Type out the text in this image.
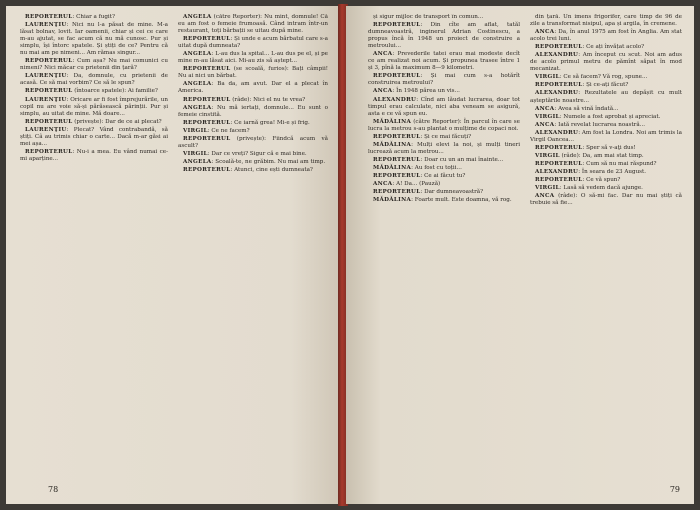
REPORTERUL: Chiar a fugit?

LAURENŢIU: Nici nu l-a păsat de mine. M-a lăsat bolnav, lovit. Iar oamenii, chiar și cei ce care m-au ajutat, se fac acum că nu mă cunosc. Pur și simplu, își întorc spatele. Și știți de ce? Pentru că nu mai am pe nimeni... Am rămas singur...

REPORTERUL: Cum așa? Nu mai comunici cu nimeni? Nici măcar cu prietenii din țară?

LAURENŢIU: Da, domnule, cu prietenii de acasă. Ce să mai vorbim? Ce să le spun?

REPORTERUL (întoarce spatele): Ai familie?

LAURENŢIU: Oricare ar fi fost împrejurările, un copil nu are voie să-și părăsească părinții. Pur și simplu, au uitat de mine. Mă doare...

REPORTERUL (privește): Dar de ce ai plecat?

LAURENŢIU: Plecat? Vând contrabandă, să știți. Câ au trimis chiar o carte... Dacă m-ar găsi ai mei așa...

REPORTERUL: Nu-i a mea. Eu vând numai ce-mi aparține...

ANGELA (către Reporter): Nu mint, domnule! Că eu am fost o femeie frumoasă. Când intram într-un restaurant, toți bărbații se uitau după mine.

REPORTERUL: Și unde e acum bărbatul care s-a uitat după dumneata?

ANGELA: L-au dus la spital... L-au dus pe el, și pe mine m-au lăsat aici. Mi-au zis să aștept...

REPORTERUL (se scoală, furios): Bați câmpii! Nu ai nici un bărbat.

ANGELA: Ba da, am avut. Dar el a plecat în America.

REPORTERUL (râde): Nici el nu te vrea?

ANGELA: Nu mă iertați, domnule... Eu sunt o femeie cinstită.

REPORTERUL: Ce iarnă grea! Mi-e și frig.

VIRGIL: Ce ne facem?

REPORTERUL (privește): Fiindcă acum vă ascult?

VIRGIL: Dar ce vreți? Sigur că e mai bine.

ANGELA: Scoală-te, ne grăbim. Nu mai am timp.

REPORTERUL: Atunci, cine ești dumneata?

78

și sigur mijloc de transport în comun...

REPORTERUL: Din cîte am aflat, tatăl dumneavoastră, inginerul Adrian Costinescu, a propus încă în 1948 un proiect de construire a metroului...

ANCA: Prevederile tatei erau mai modeste decît ce am realizat noi acum. Și propunea trasee între 1 și 3, pînă la maximum 8—9 kilometri.

REPORTERUL: Și mai cum s-a hotărît construirea metroului?

ANCA: În 1948 părea un vis...

ALEXANDRU: Cînd am lăudat lucrarea, doar tot timpul erau calculate, nici aba veneam se asigură, asta e ce vă spun eu.

MĂDĂLINA (către Reporter): În parcul în care se lucra la metrou s-au plantat o mulțime de copaci noi.

REPORTERUL: Și ce mai făcuți?

MĂDĂLINA: Mulți elevi la noi, și mulți tineri lucrează acum la metrou...

REPORTERUL: Doar cu un an mai înainte...

MĂDĂLINA: Au fost cu toții...

REPORTERUL: Ce ai făcut tu?

ANCA: A! Da... (Pauză)

REPORTERUL: Dar dumneavoastră?

MĂDĂLINA: Foarte mult. Este doamna, vă rog.

din țară. Un imens frigorifer, care timp de 96 de zile a transformat nisipul, apa și argila, în cremene.

ANCA: Da, în anul 1975 am fost în Anglia. Am stat acolo trei luni.

REPORTERUL: Ce ați învățat acolo?

ALEXANDRU: Am început cu scut. Noi am adus de acolo primul metru de pămînt săpat în mod mecanizat.

VIRGIL: Ce să facem? Vă rog, spune...

REPORTERUL: Și ce-ați făcut?

ALEXANDRU: Rezultatele au depășit cu mult așteptările noastre...

ANCA: Avea să vină îndată...

VIRGIL: Numele a fost aprobat și apreciat.

ANCA: Iată revelat lucrarea noastră...

ALEXANDRU: Am fost la Londra. Noi am trimis la Virgil Oancea...

REPORTERUL: Sper să v-aţi dus!

VIRGIL (râde): Da, am mai stat timp.

REPORTERUL: Cum să nu mai răspund?

ALEXANDRU: În seara de 23 August.

REPORTERUL: Ce vă spun?

VIRGIL: Lasă să vedem dacă ajunge.

ANCA (râde): O să-mi fac. Dar nu mai știți că trebuie să fie...

79
